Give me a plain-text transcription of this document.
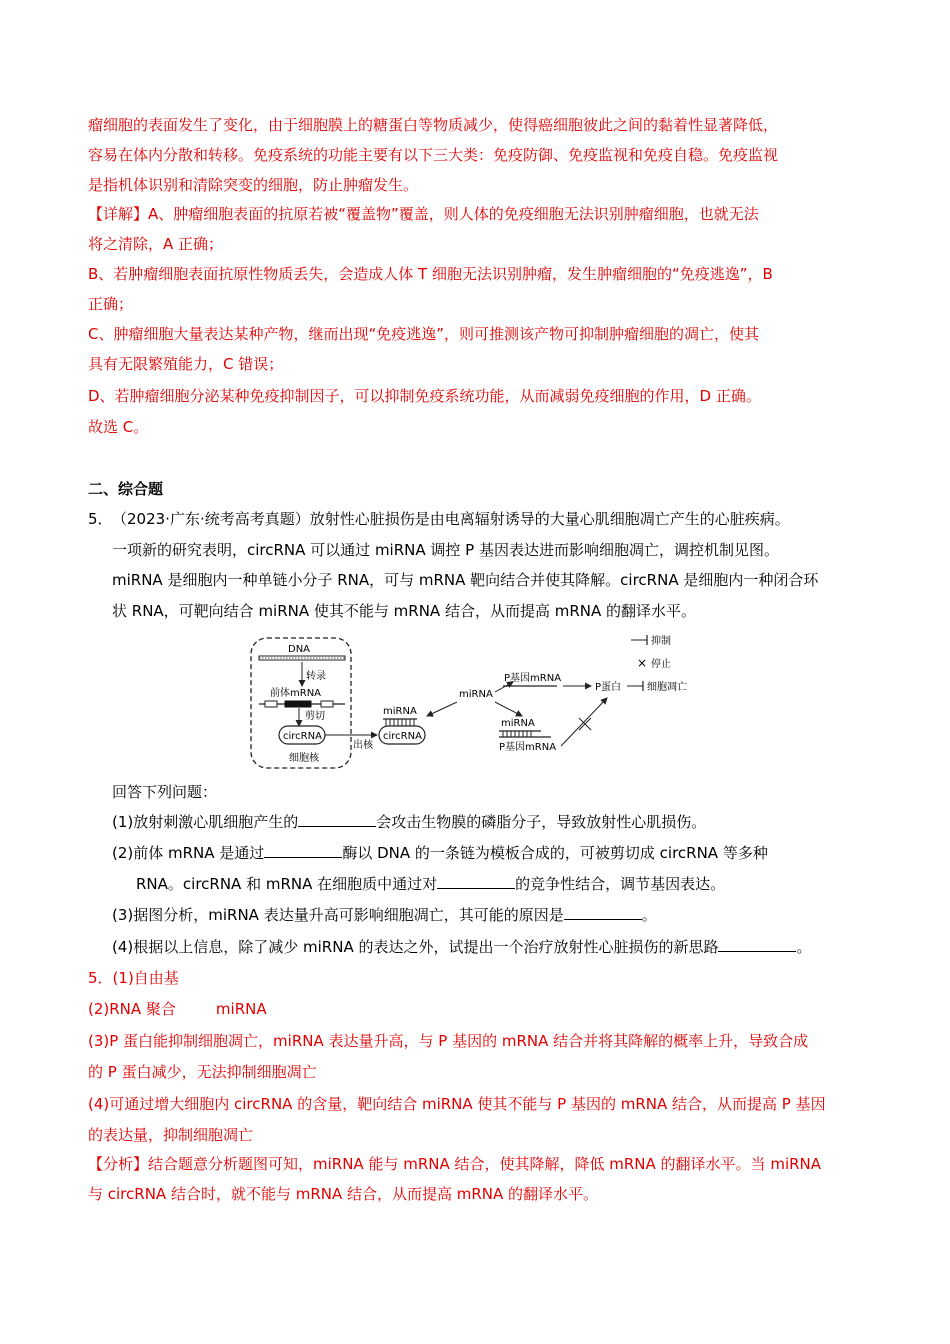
瘤细胞的表面发生了变化，由于细胞膜上的糖蛋白等物质减少，使得癌细胞彼此之间的黏着性显著降低，
容易在体内分散和转移。免疫系统的功能主要有以下三大类：免疫防御、免疫监视和免疫自稳。免疫监视
是指机体识别和清除突变的细胞，防止肿瘤发生。
【详解】A、肿瘤细胞表面的抗原若被“覆盖物”覆盖，则人体的免疫细胞无法识别肿瘤细胞，也就无法
将之清除，A 正确；
B、若肿瘤细胞表面抗原性物质丢失，会造成人体 T 细胞无法识别肿瘤，发生肿瘤细胞的“免疫逃逸”，B
正确；
C、肿瘤细胞大量表达某种产物，继而出现“免疫逃逸”，则可推测该产物可抑制肿瘤细胞的凋亡，使其
具有无限繁殖能力，C 错误；
D、若肿瘤细胞分泌某种免疫抑制因子，可以抑制免疫系统功能，从而减弱免疫细胞的作用，D 正确。
故选 C。
二、综合题
5． （2023·广东·统考高考真题）放射性心脏损伤是由电离辐射诱导的大量心肌细胞凋亡产生的心脏疾病。
一项新的研究表明，circRNA 可以通过 miRNA 调控 P 基因表达进而影响细胞凋亡，调控机制见图。
miRNA 是细胞内一种单链小分子 RNA，可与 mRNA 靶向结合并使其降解。circRNA 是细胞内一种闭合环
状 RNA，可靶向结合 miRNA 使其不能与 mRNA 结合，从而提高 mRNA 的翻译水平。
DNA
转录
前体mRNA
剪切
circRNA
细胞核
出核
miRNA
circRNA
miRNA
P基因mRNA
P蛋白	细胞凋亡
miRNA
P基因mRNA
抑制
× 停止
回答下列问题：
(1)放射刺激心肌细胞产生的	会攻击生物膜的磷脂分子，导致放射性心肌损伤。
(2)前体 mRNA 是通过	酶以 DNA 的一条链为模板合成的，可被剪切成 circRNA 等多种
RNA。circRNA 和 mRNA 在细胞质中通过对	的竞争性结合，调节基因表达。
(3)据图分析，miRNA 表达量升高可影响细胞凋亡，其可能的原因是	。
(4)根据以上信息，除了减少 miRNA 的表达之外，试提出一个治疗放射性心脏损伤的新思路	。
5．(1)自由基
(2)RNA 聚合	miRNA
(3)P 蛋白能抑制细胞凋亡，miRNA 表达量升高，与 P 基因的 mRNA 结合并将其降解的概率上升，导致合成
的 P 蛋白减少，无法抑制细胞凋亡
(4)可通过增大细胞内 circRNA 的含量，靶向结合 miRNA 使其不能与 P 基因的 mRNA 结合，从而提高 P 基因
的表达量，抑制细胞凋亡
【分析】结合题意分析题图可知，miRNA 能与 mRNA 结合，使其降解，降低 mRNA 的翻译水平。当 miRNA
与 circRNA 结合时，就不能与 mRNA 结合，从而提高 mRNA 的翻译水平。
